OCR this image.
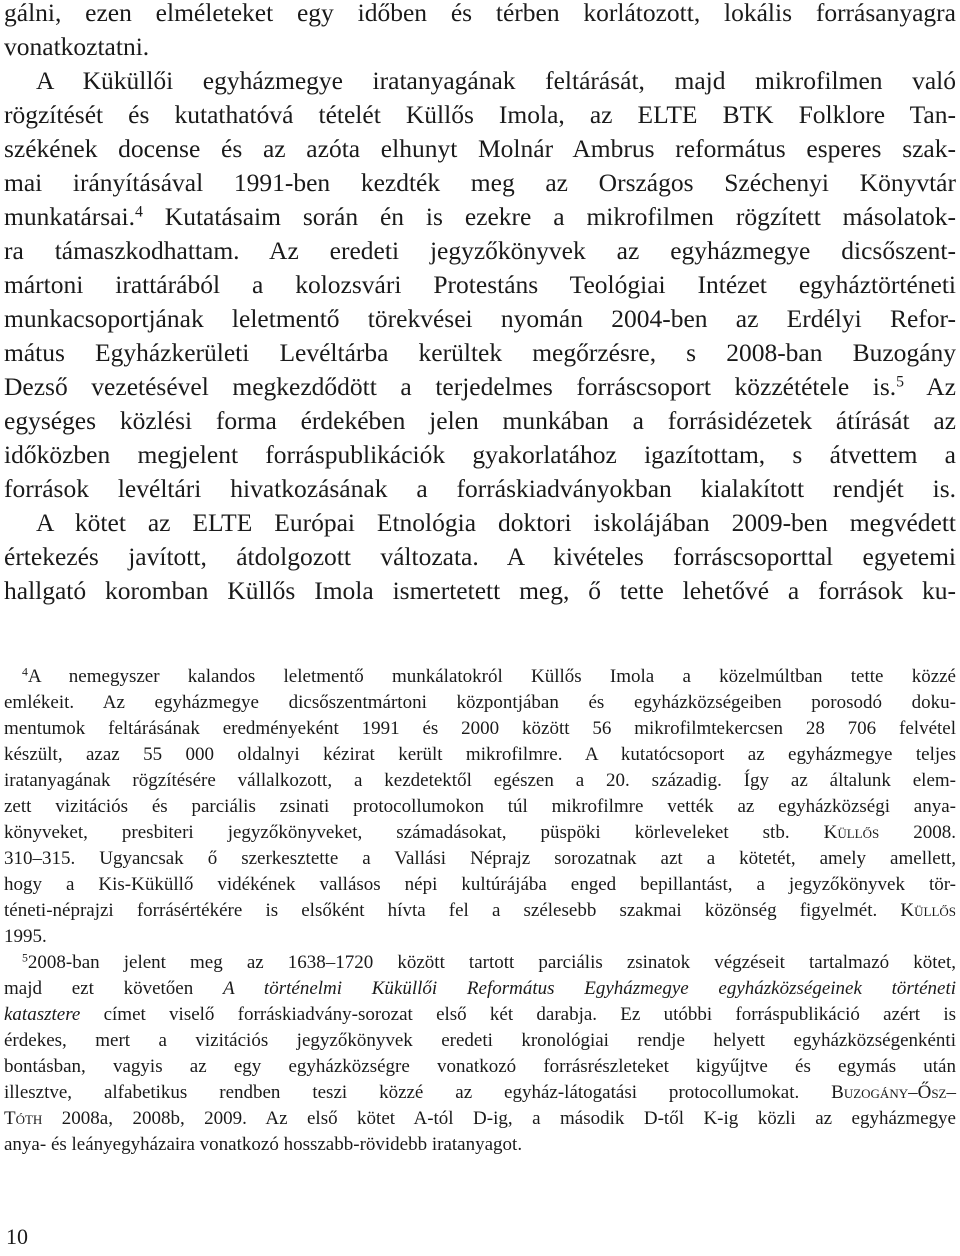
gálni, ezen elméleteket egy időben és térben korlátozott, lokális forrásanyagra
vonatkoztatni.
A Küküllői egyházmegye iratanyagának feltárását, majd mikrofilmen való
rögzítését és kutathatóvá tételét Küllős Imola, az ELTE BTK Folklore Tan-
székének docense és az azóta elhunyt Molnár Ambrus református esperes szak-
mai irányításával 1991-ben kezdték meg az Országos Széchenyi Könyvtár
munkatársai.$^4$ Kutatásaim során én is ezekre a mikrofilmen rögzített másolatok-
ra támaszkodhattam. Az eredeti jegyzőkönyvek az egyházmegye dicsőszent-
mártoni irattárából a kolozsvári Protestáns Teológiai Intézet egyháztörténeti
munkacsoportjának leletmentő törekvései nyomán 2004-ben az Erdélyi Refor-
mátus Egyházkerületi Levéltárba kerültek megőrzésre, s 2008-ban Buzogány
Dezső vezetésével megkezdődött a terjedelmes forráscsoport közzététele is.$^5$ Az
egységes közlési forma érdekében jelen munkában a forrásidézetek átírását az
időközben megjelent forráspublikációk gyakorlatához igazítottam, s átvettem a
források levéltári hivatkozásának a forráskiadványokban kialakított rendjét is.
A kötet az ELTE Európai Etnológia doktori iskolájában 2009-ben megvédett
értekezés javított, átdolgozott változata. A kivételes forráscsoporttal egyetemi
hallgató koromban Küllős Imola ismertetett meg, ő tette lehetővé a források ku-
$^4$A nemegyszer kalandos leletmentő munkálatokról Küllős Imola a közelmúltban tette közzé
emlékeit. Az egyházmegye dicsőszentmártoni központjában és egyházközségeiben porosodó doku-
mentumok feltárásának eredményeként 1991 és 2000 között 56 mikrofilmtekercsen 28 706 felvétel
készült, azaz 55 000 oldalnyi kézirat került mikrofilmre. A kutatócsoport az egyházmegye teljes
iratanyagának rögzítésére vállalkozott, a kezdetektől egészen a 20. századig. Így az általunk elem-
zett vizitációs és parciális zsinati protocollumokon túl mikrofilmre vették az egyházközségi anya-
könyveket, presbiteri jegyzőkönyveket, számadásokat, püspöki körleveleket stb. Küllős 2008.
310–315. Ugyancsak ő szerkesztette a Vallási Néprajz sorozatnak azt a kötetét, amely amellett,
hogy a Kis-Küküllő vidékének vallásos népi kultúrájába enged bepillantást, a jegyzőkönyvek tör-
téneti-néprajzi forrásértékére is elsőként hívta fel a szélesebb szakmai közönség figyelmét. Küllős
1995.
$^5$2008-ban jelent meg az 1638–1720 között tartott parciális zsinatok végzéseit tartalmazó kötet,
majd ezt követően A történelmi Küküllői Református Egyházmegye egyházközségeinek történeti
katasztere címet viselő forráskiadvány-sorozat első két darabja. Ez utóbbi forráspublikáció azért is
érdekes, mert a vizitációs jegyzőkönyvek eredeti kronológiai rendje helyett egyházközségenkénti
bontásban, vagyis az egy egyházközségre vonatkozó forrásrészleteket kigyűjtve és egymás után
illesztve, alfabetikus rendben teszi közzé az egyház-látogatási protocollumokat. Buzogány–Ősz–
Tóth 2008a, 2008b, 2009. Az első kötet A-tól D-ig, a második D-től K-ig közli az egyházmegye
anya- és leányegyházaira vonatkozó hosszabb-rövidebb iratanyagot.
10
